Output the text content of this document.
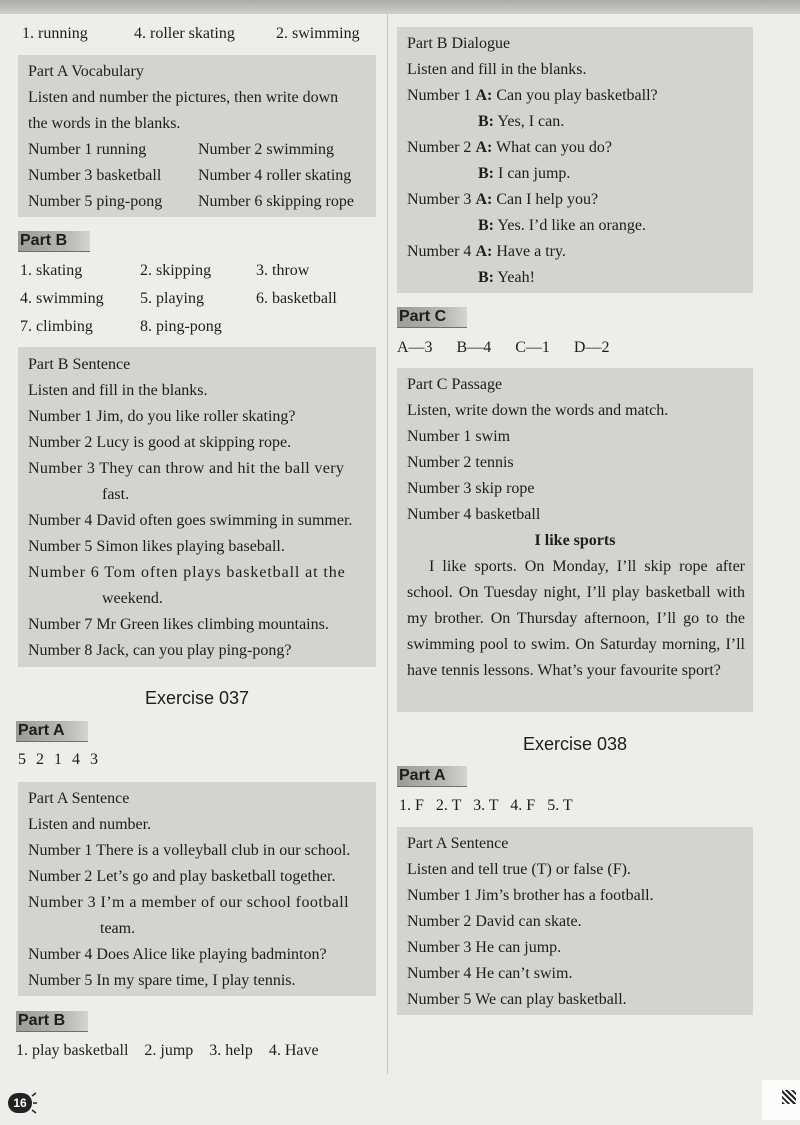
1. running	4. roller skating	2. swimming
Part A Vocabulary
Listen and number the pictures, then write down
the words in the blanks.
Number 1 running	Number 2 swimming
Number 3 basketball Number 4 roller skating
Number 5 ping-pong Number 6 skipping rope
Part B
1. skating	2. skipping	3. throw
4. swimming 5. playing	6. basketball
7. climbing	8. ping-pong
Part B Sentence
Listen and fill in the blanks.
Number 1 Jim, do you like roller skating?
Number 2 Lucy is good at skipping rope.
Number 3 They can throw and hit the ball very
fast.
Number 4 David often goes swimming in summer.
Number 5 Simon likes playing baseball.
Number 6 Tom often plays basketball at the
weekend.
Number 7 Mr Green likes climbing mountains.
Number 8 Jack, can you play ping-pong?
Exercise 037
Part A
5 2 1 4 3
Part A Sentence
Listen and number.
Number 1 There is a volleyball club in our school.
Number 2 Let’s go and play basketball together.
Number 3 I’m a member of our school football
team.
Number 4 Does Alice like playing badminton?
Number 5 In my spare time, I play tennis.
Part B
1. play basketball    2. jump    3. help    4. Have
Part B Dialogue
Listen and fill in the blanks.
Number 1 A: Can you play basketball?
B: Yes, I can.
Number 2 A: What can you do?
B: I can jump.
Number 3 A: Can I help you?
B: Yes. I’d like an orange.
Number 4 A: Have a try.
B: Yeah!
Part C
A—3      B—4      C—1      D—2
Part C Passage
Listen, write down the words and match.
Number 1 swim
Number 2 tennis
Number 3 skip rope
Number 4 basketball
I like sports
I like sports. On Monday, I’ll skip rope after school. On Tuesday night, I’ll play basketball with my brother. On Thursday afternoon, I’ll go to the swimming pool to swim. On Saturday morning, I’ll have tennis lessons. What’s your favourite sport?
Exercise 038
Part A
1. F   2. T   3. T   4. F   5. T
Part A Sentence
Listen and tell true (T) or false (F).
Number 1 Jim’s brother has a football.
Number 2 David can skate.
Number 3 He can jump.
Number 4 He can’t swim.
Number 5 We can play basketball.
16
